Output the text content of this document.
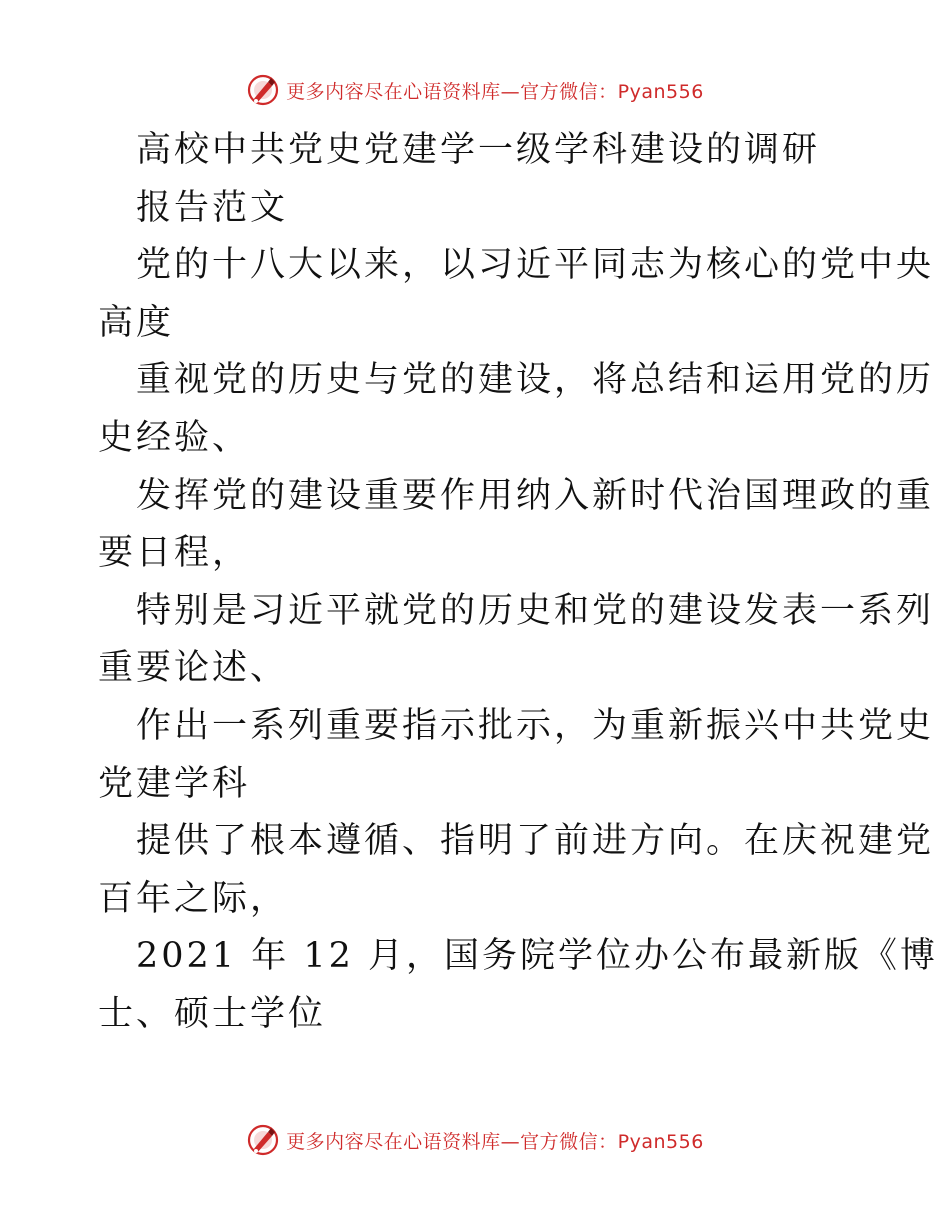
更多内容尽在心语资料库—官方微信：Pyan556
高校中共党史党建学一级学科建设的调研
报告范文
党的十八大以来，以习近平同志为核心的党中央
高度
重视党的历史与党的建设，将总结和运用党的历
史经验、
发挥党的建设重要作用纳入新时代治国理政的重
要日程，
特别是习近平就党的历史和党的建设发表一系列
重要论述、
作出一系列重要指示批示，为重新振兴中共党史
党建学科
提供了根本遵循、指明了前进方向。在庆祝建党
百年之际，
2021 年 12 月，国务院学位办公布最新版《博
士、硕士学位
更多内容尽在心语资料库—官方微信：Pyan556
